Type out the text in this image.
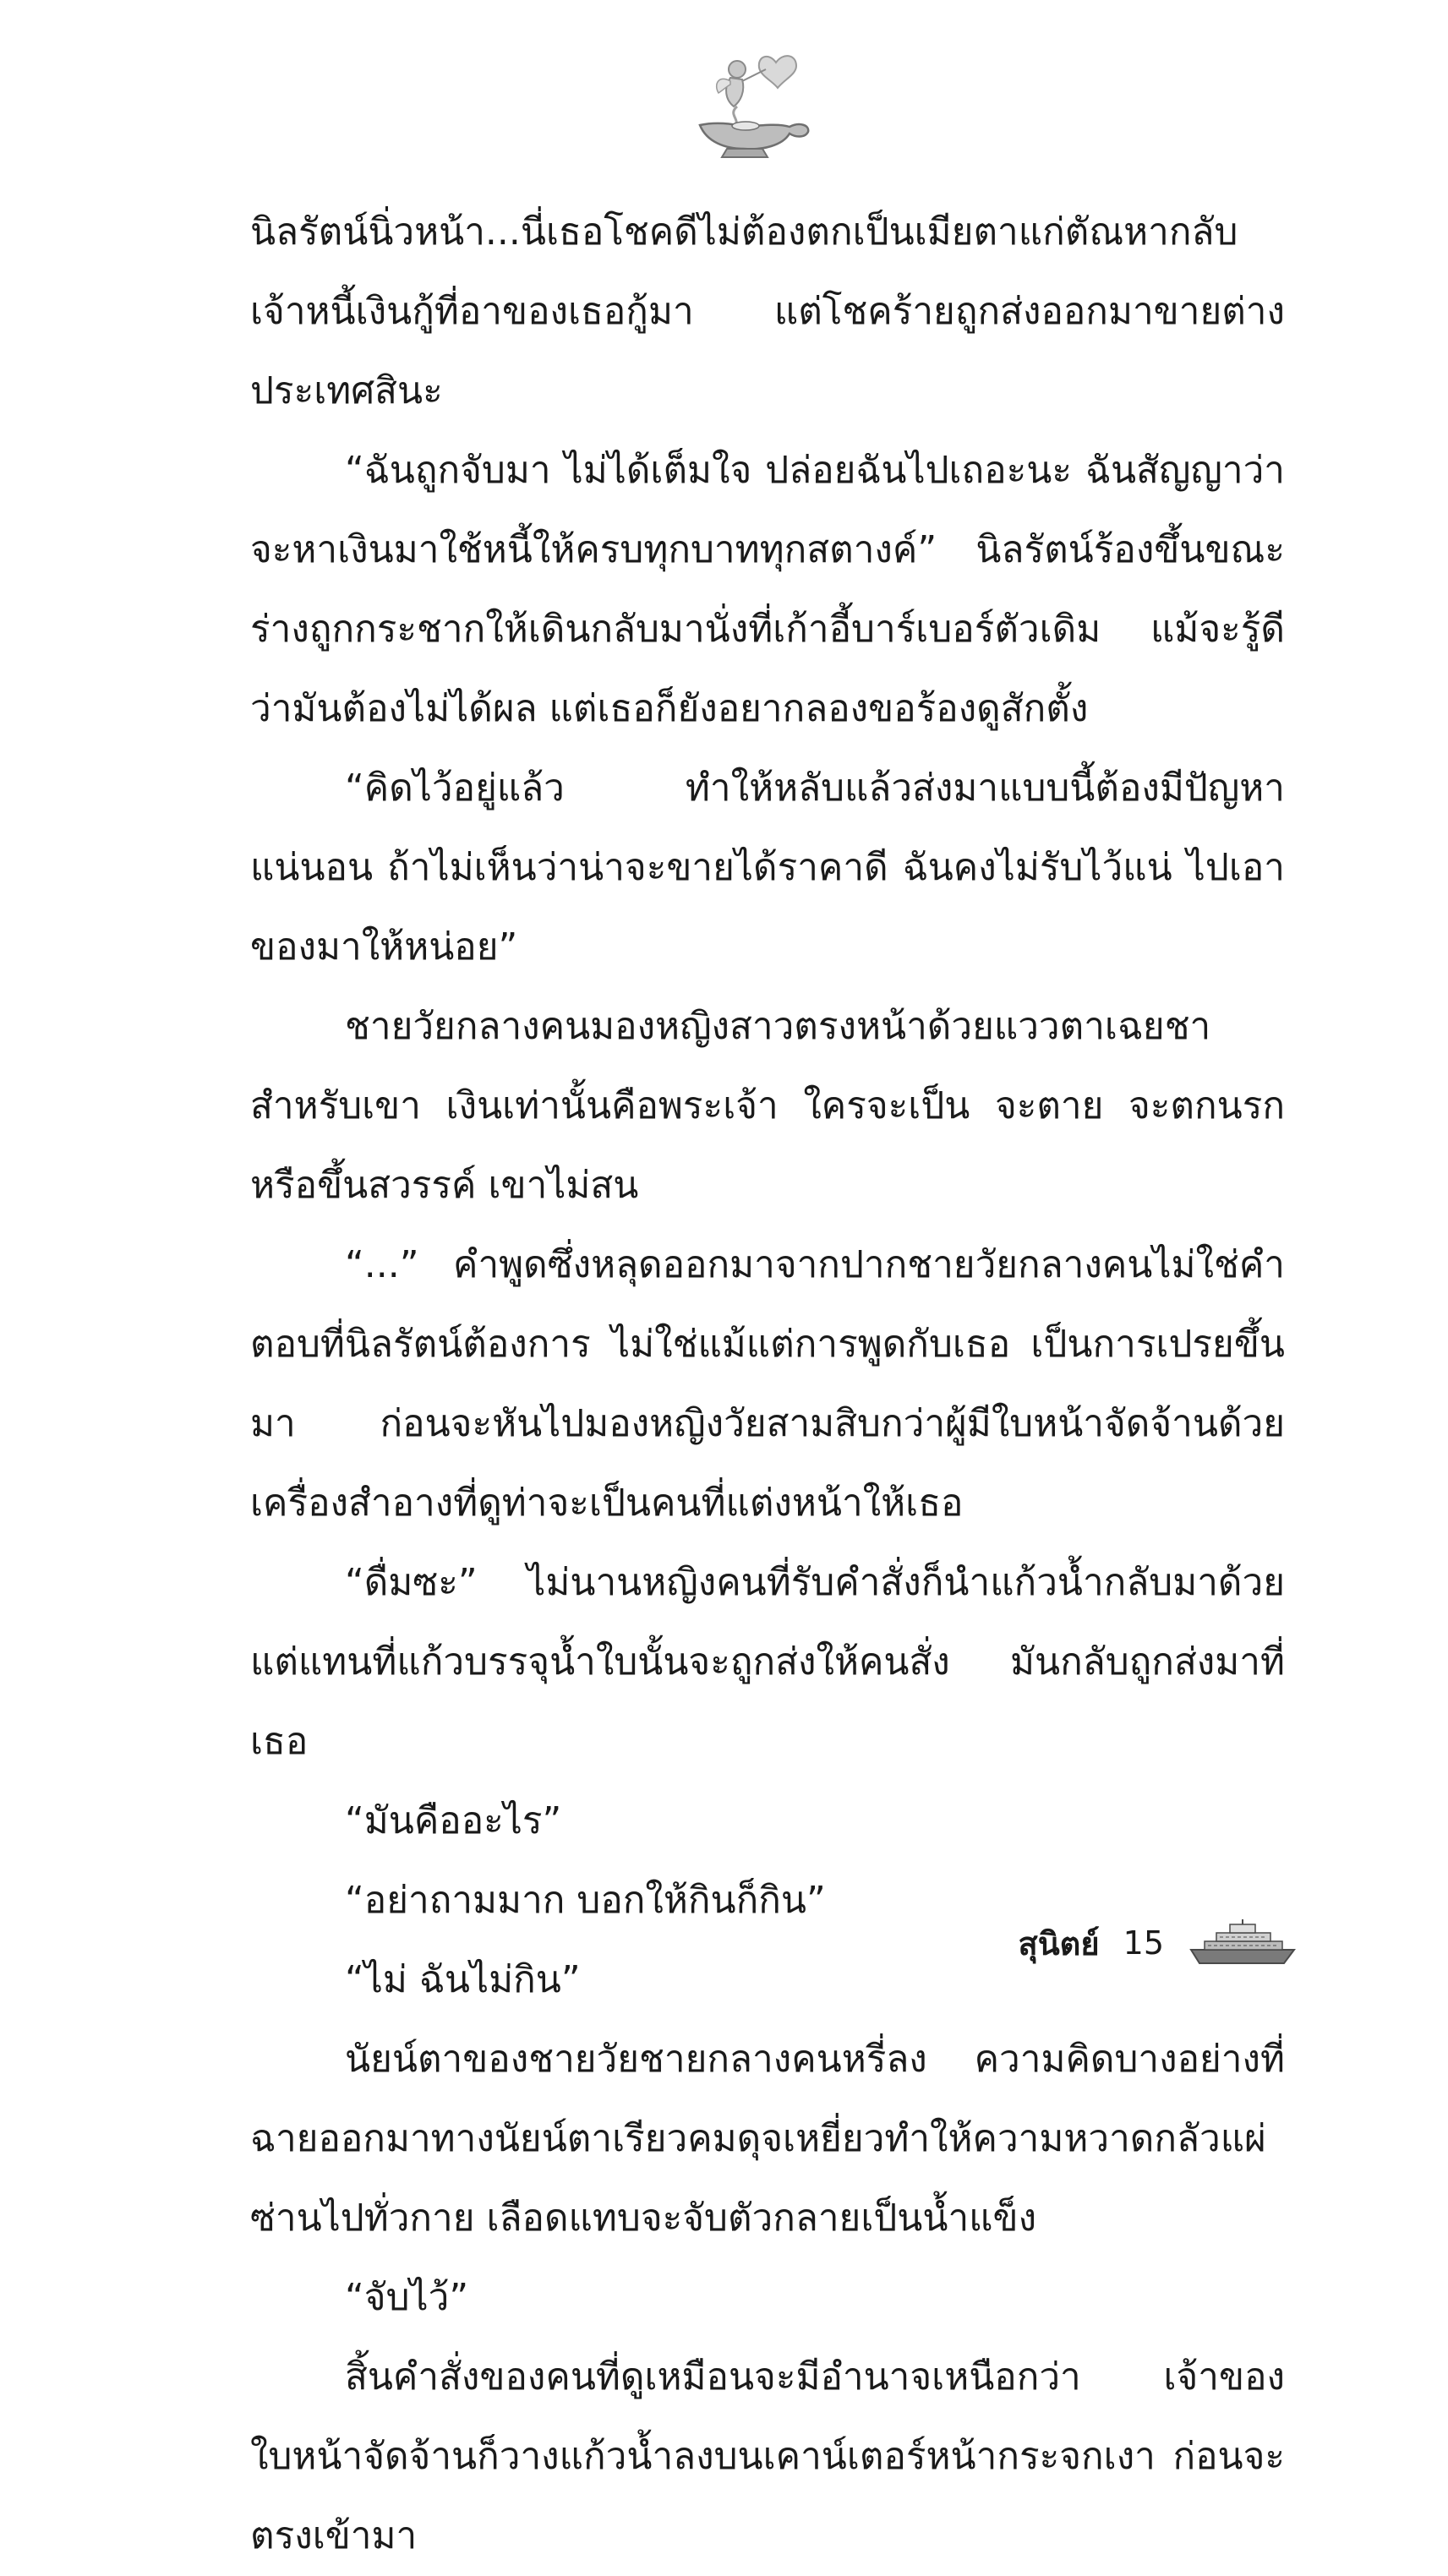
นิลรัตน์นิ่วหน้า...นี่เธอโชคดีไม่ต้องตกเป็นเมียตาแก่ตัณหากลับ เจ้าหนี้เงินกู้ที่อาของเธอกู้มา แต่โชคร้ายถูกส่งออกมาขายต่างประเทศสินะ

“ฉันถูกจับมา ไม่ได้เต็มใจ ปล่อยฉันไปเถอะนะ ฉันสัญญาว่าจะหาเงินมาใช้หนี้ให้ครบทุกบาททุกสตางค์” นิลรัตน์ร้องขึ้นขณะร่างถูกกระชากให้เดินกลับมานั่งที่เก้าอี้บาร์เบอร์ตัวเดิม แม้จะรู้ดีว่ามันต้องไม่ได้ผล แต่เธอก็ยังอยากลองขอร้องดูสักตั้ง

“คิดไว้อยู่แล้ว ทำให้หลับแล้วส่งมาแบบนี้ต้องมีปัญหาแน่นอน ถ้าไม่เห็นว่าน่าจะขายได้ราคาดี ฉันคงไม่รับไว้แน่ ไปเอาของมาให้หน่อย”

ชายวัยกลางคนมองหญิงสาวตรงหน้าด้วยแววตาเฉยชา สำหรับเขา เงินเท่านั้นคือพระเจ้า ใครจะเป็น จะตาย จะตกนรกหรือขึ้นสวรรค์ เขาไม่สน

“...” คำพูดซึ่งหลุดออกมาจากปากชายวัยกลางคนไม่ใช่คำตอบที่นิลรัตน์ต้องการ ไม่ใช่แม้แต่การพูดกับเธอ เป็นการเปรยขึ้นมา ก่อนจะหันไปมองหญิงวัยสามสิบกว่าผู้มีใบหน้าจัดจ้านด้วยเครื่องสำอางที่ดูท่าจะเป็นคนที่แต่งหน้าให้เธอ

“ดื่มซะ” ไม่นานหญิงคนที่รับคำสั่งก็นำแก้วน้ำกลับมาด้วย แต่แทนที่แก้วบรรจุน้ำใบนั้นจะถูกส่งให้คนสั่ง มันกลับถูกส่งมาที่เธอ

“มันคืออะไร”

“อย่าถามมาก บอกให้กินก็กิน”

“ไม่ ฉันไม่กิน”

นัยน์ตาของชายวัยชายกลางคนหรี่ลง ความคิดบางอย่างที่ฉายออกมาทางนัยน์ตาเรียวคมดุจเหยี่ยวทำให้ความหวาดกลัวแผ่ซ่านไปทั่วกาย เลือดแทบจะจับตัวกลายเป็นน้ำแข็ง

“จับไว้”

สิ้นคำสั่งของคนที่ดูเหมือนจะมีอำนาจเหนือกว่า เจ้าของใบหน้าจัดจ้านก็วางแก้วน้ำลงบนเคาน์เตอร์หน้ากระจกเงา ก่อนจะตรงเข้ามา

สุนิตย์ 15
